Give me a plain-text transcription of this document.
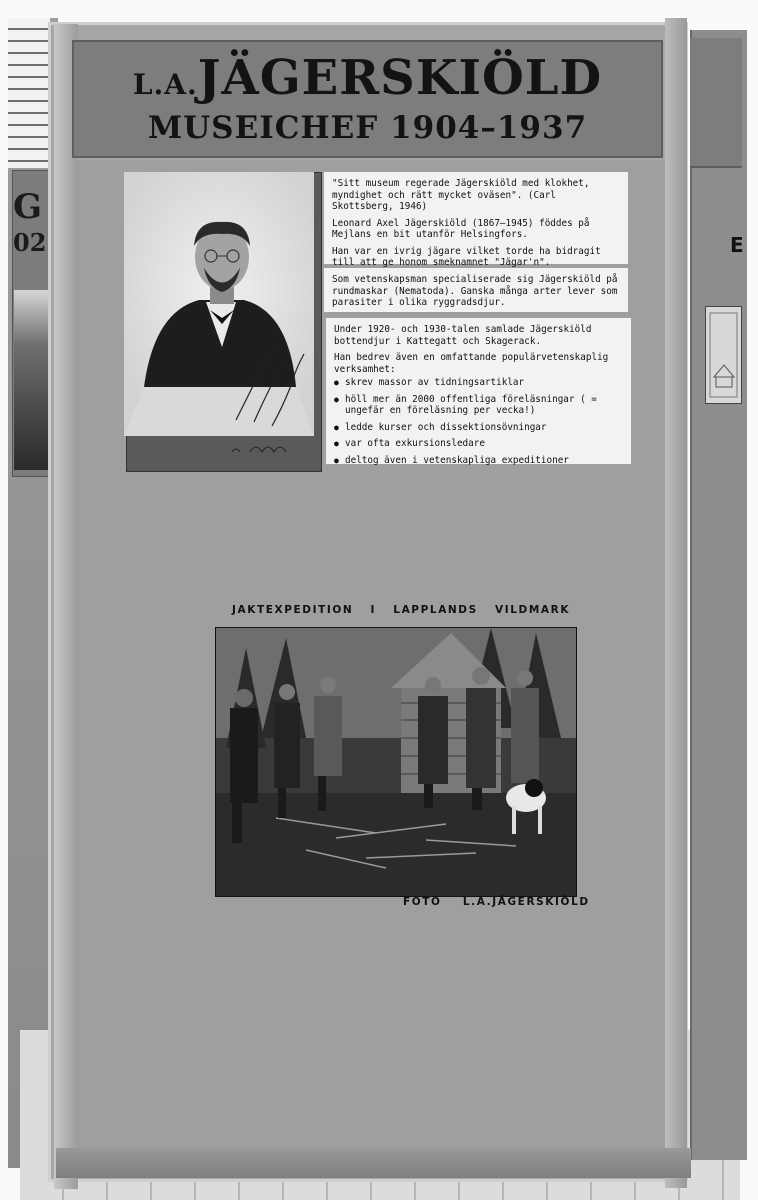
G
02	E
L.A.JÄGERSKIÖLD
MUSEICHEF 1904–1937

"Sitt museum regerade Jägerskiöld med klokhet, myndighet och rätt mycket oväsen". (Carl Skottsberg, 1946)

Leonard Axel Jägerskiöld (1867–1945) föddes på Mejlans en bit utanför Helsingfors.

Han var en ivrig jägare vilket torde ha bidragit till att ge honom smeknamnet "Jägar'n".

Som vetenskapsman specialiserade sig Jägerskiöld på rundmaskar (Nematoda). Ganska många arter lever som parasiter i olika ryggradsdjur.

Under 1920- och 1930-talen samlade Jägerskiöld bottendjur i Kattegatt och Skagerack.

Han bedrev även en omfattande populärvetenskaplig verksamhet:

● skrev massor av tidningsartiklar
● höll mer än 2000 offentliga föreläsningar ( = ungefär en föreläsning per vecka!)
● ledde kurser och dissektionsövningar
● var ofta exkursionsledare
● deltog även i vetenskapliga expeditioner
JAKTEXPEDITION I LAPPLANDS VILDMARK
FOTO L.A.JÄGERSKIÖLD
